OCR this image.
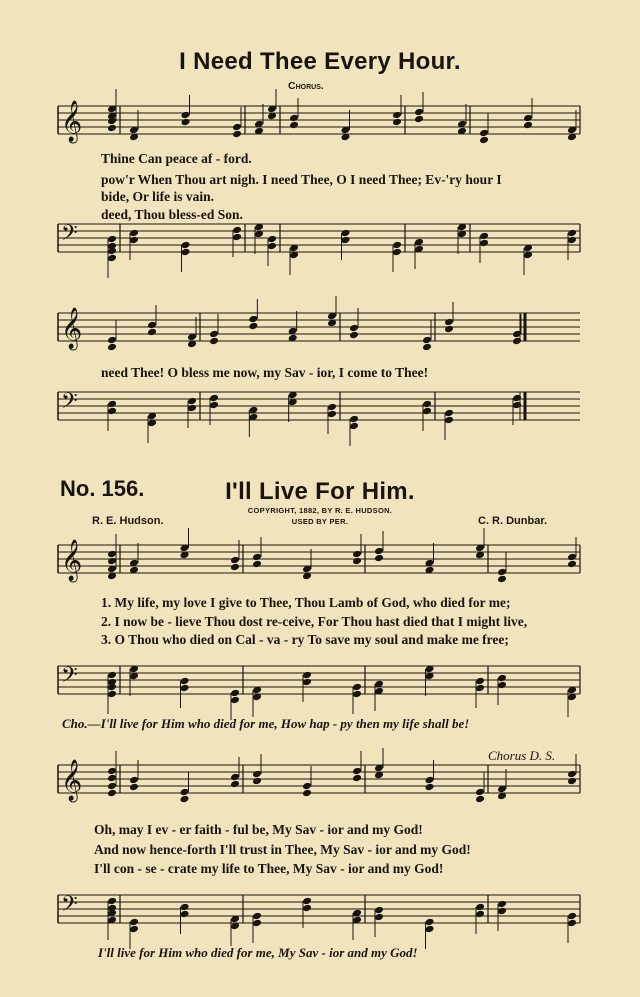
𝄞
𝄢
𝄞
𝄢
𝄞
𝄢
𝄞
𝄢
I Need Thee Every Hour.
Chorus.
Thine Can peace af - ford.
pow'r When Thou art nigh. I need Thee, O I need Thee; Ev-'ry hour I
bide, Or life is vain.
deed, Thou bless-ed Son.
need Thee! O bless me now, my Sav - ior, I come to Thee!
No. 156.	I'll Live For Him.
COPYRIGHT, 1882, BY R. E. HUDSON.
USED BY PER.
R. E. Hudson.	C. R. Dunbar.
1. My life, my love I give to Thee, Thou Lamb of God, who died for me;
2. I now be - lieve Thou dost re-ceive, For Thou hast died that I might live,
3. O Thou who died on Cal - va - ry To save my soul and make me free;
Cho.—I'll live for Him who died for me, How hap - py then my life shall be!
Chorus D. S.
Oh, may I ev - er faith - ful be, My Sav - ior and my God!
And now hence-forth I'll trust in Thee, My Sav - ior and my God!
I'll con - se - crate my life to Thee, My Sav - ior and my God!
I'll live for Him who died for me, My Sav - ior and my God!
